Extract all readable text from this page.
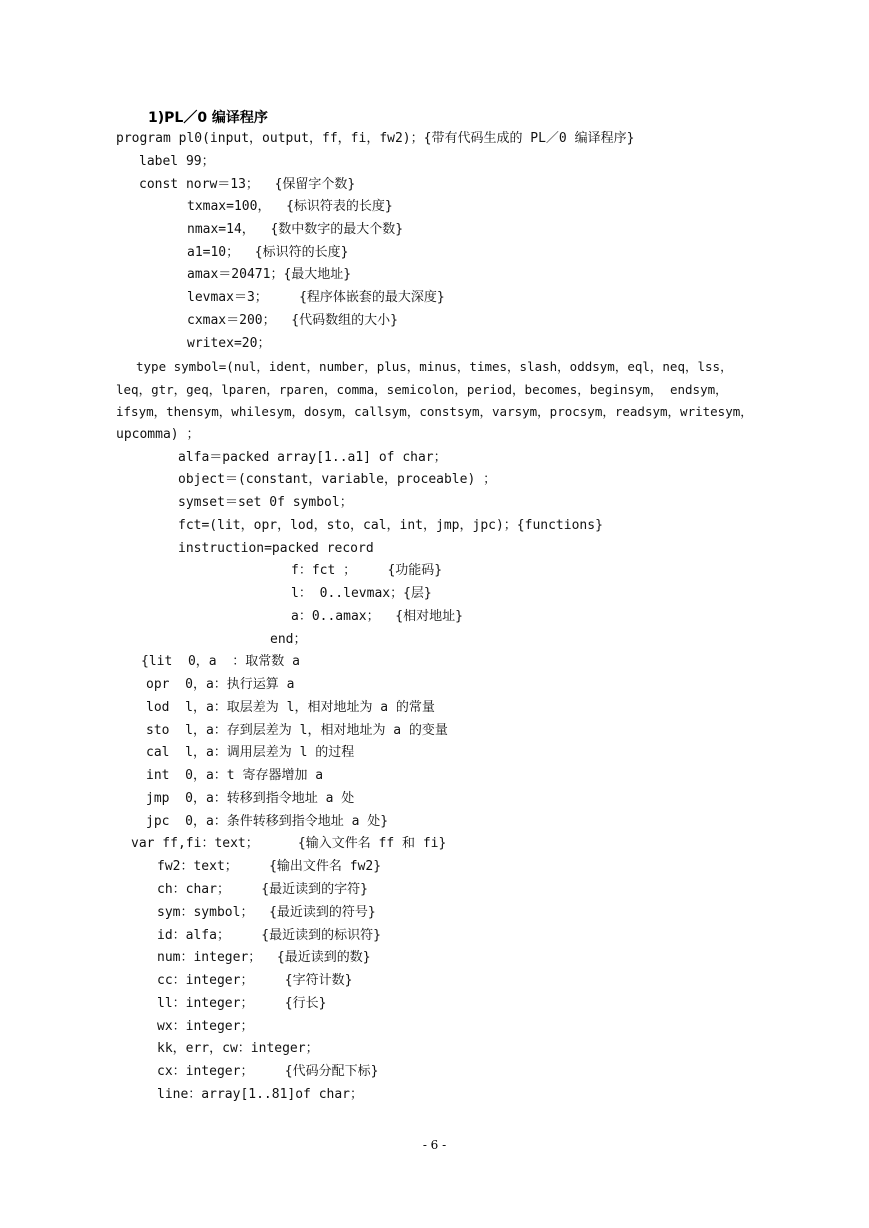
1)PL／0 编译程序
program pl0(input，output，ff，fi，fw2)；{带有代码生成的 PL／0 编译程序}
label 99；
const norw＝13；  {保留字个数}
txmax=100，  {标识符表的长度}
nmax=14，  {数中数字的最大个数}
a1=10；  {标识符的长度}
amax＝20471；{最大地址}
levmax＝3；    {程序体嵌套的最大深度}
cxmax＝200；  {代码数组的大小}
writex=20；
type symbol=(nul，ident，number，plus，minus，times，slash，oddsym，eql，neq，lss，
leq，gtr，geq，lparen，rparen，comma，semicolon，period，becomes，beginsym， endsym，
ifsym，thensym，whilesym，dosym，callsym，constsym，varsym，procsym，readsym，writesym，
upcomma) ；
alfa＝packed array[1..a1] of char；
object＝(constant，variable，proceable) ；
symset＝set 0f symbol；
fct=(lit，opr，lod，sto，cal，int，jmp，jpc)；{functions}
instruction=packed record
f：fct ；    {功能码}
l： 0..levmax；{层}
a：0..amax；  {相对地址}
end；
{lit  0，a  ：取常数 a
opr  0，a：执行运算 a
lod  l，a：取层差为 l，相对地址为 a 的常量
sto  l，a：存到层差为 l，相对地址为 a 的变量
cal  l，a：调用层差为 l 的过程
int  0，a：t 寄存器增加 a
jmp  0，a：转移到指令地址 a 处
jpc  0，a：条件转移到指令地址 a 处}
var ff,fi：text；     {输入文件名 ff 和 fi}
fw2：text；    {输出文件名 fw2}
ch：char；    {最近读到的字符}
sym：symbol；  {最近读到的符号}
id：alfa；    {最近读到的标识符}
num：integer；  {最近读到的数}
cc：integer；    {字符计数}
ll：integer；    {行长}
wx：integer；
kk，err，cw：integer；
cx：integer；    {代码分配下标}
line：array[1..81]of char；
- 6 -
